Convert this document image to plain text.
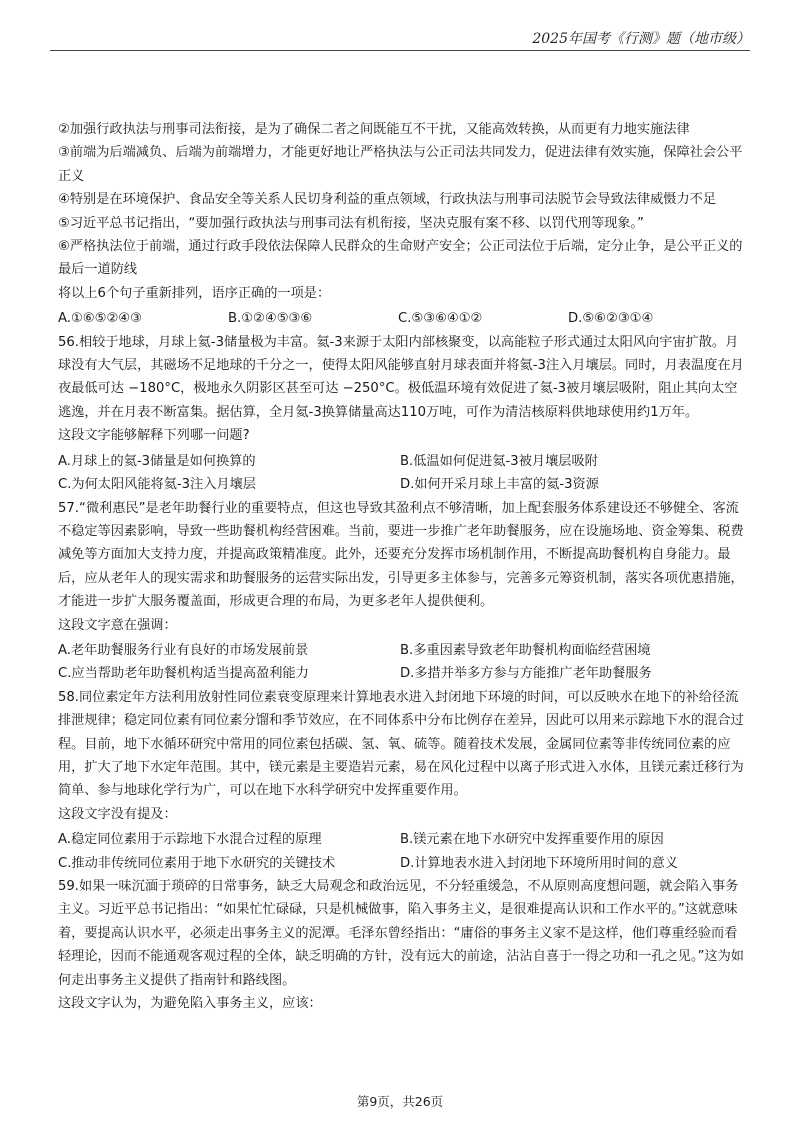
2025年国考《行测》题（地市级）

②加强行政执法与刑事司法衔接，是为了确保二者之间既能互不干扰，又能高效转换，从而更有力地实施法律

③前端为后端减负、后端为前端增力，才能更好地让严格执法与公正司法共同发力，促进法律有效实施，保障社会公平正义

④特别是在环境保护、食品安全等关系人民切身利益的重点领域，行政执法与刑事司法脱节会导致法律威慑力不足

⑤习近平总书记指出，“要加强行政执法与刑事司法有机衔接，坚决克服有案不移、以罚代刑等现象。”

⑥严格执法位于前端，通过行政手段依法保障人民群众的生命财产安全；公正司法位于后端，定分止争，是公平正义的最后一道防线

将以上6个句子重新排列，语序正确的一项是：

A.①⑥⑤②④③	B.①②④⑤③⑥	C.⑤③⑥④①②	D.⑤⑥②③①④

56.相较于地球，月球上氦-3储量极为丰富。氦-3来源于太阳内部核聚变，以高能粒子形式通过太阳风向宇宙扩散。月球没有大气层，其磁场不足地球的千分之一，使得太阳风能够直射月球表面并将氦-3注入月壤层。同时，月表温度在月夜最低可达 −180°C，极地永久阴影区甚至可达 −250°C。极低温环境有效促进了氦-3被月壤层吸附，阻止其向太空逃逸，并在月表不断富集。据估算，全月氦-3换算储量高达110万吨，可作为清洁核原料供地球使用约1万年。

这段文字能够解释下列哪一问题?

A.月球上的氦-3储量是如何换算的	B.低温如何促进氦-3被月壤层吸附
C.为何太阳风能将氦-3注入月壤层	D.如何开采月球上丰富的氦-3资源

57.“微利惠民”是老年助餐行业的重要特点，但这也导致其盈利点不够清晰，加上配套服务体系建设还不够健全、客流不稳定等因素影响，导致一些助餐机构经营困难。当前，要进一步推广老年助餐服务，应在设施场地、资金筹集、税费减免等方面加大支持力度，并提高政策精准度。此外，还要充分发挥市场机制作用，不断提高助餐机构自身能力。最后，应从老年人的现实需求和助餐服务的运营实际出发，引导更多主体参与，完善多元筹资机制，落实各项优惠措施，才能进一步扩大服务覆盖面，形成更合理的布局，为更多老年人提供便利。

这段文字意在强调：

A.老年助餐服务行业有良好的市场发展前景	B.多重因素导致老年助餐机构面临经营困境
C.应当帮助老年助餐机构适当提高盈利能力	D.多措并举多方参与方能推广老年助餐服务

58.同位素定年方法利用放射性同位素衰变原理来计算地表水进入封闭地下环境的时间，可以反映水在地下的补给径流排泄规律；稳定同位素有同位素分馏和季节效应，在不同体系中分布比例存在差异，因此可以用来示踪地下水的混合过程。目前，地下水循环研究中常用的同位素包括碳、氢、氧、硫等。随着技术发展，金属同位素等非传统同位素的应用，扩大了地下水定年范围。其中，镁元素是主要造岩元素，易在风化过程中以离子形式进入水体，且镁元素迁移行为简单、参与地球化学行为广，可以在地下水科学研究中发挥重要作用。

这段文字没有提及：

A.稳定同位素用于示踪地下水混合过程的原理	B.镁元素在地下水研究中发挥重要作用的原因
C.推动非传统同位素用于地下水研究的关键技术	D.计算地表水进入封闭地下环境所用时间的意义

59.如果一味沉湎于琐碎的日常事务，缺乏大局观念和政治远见，不分轻重缓急，不从原则高度想问题，就会陷入事务主义。习近平总书记指出：“如果忙忙碌碌，只是机械做事，陷入事务主义，是很难提高认识和工作水平的。”这就意味着，要提高认识水平，必须走出事务主义的泥潭。毛泽东曾经指出：“庸俗的事务主义家不是这样，他们尊重经验而看轻理论，因而不能通观客观过程的全体，缺乏明确的方针，没有远大的前途，沾沾自喜于一得之功和一孔之见。”这为如何走出事务主义提供了指南针和路线图。

这段文字认为，为避免陷入事务主义，应该：

第9页，共26页
